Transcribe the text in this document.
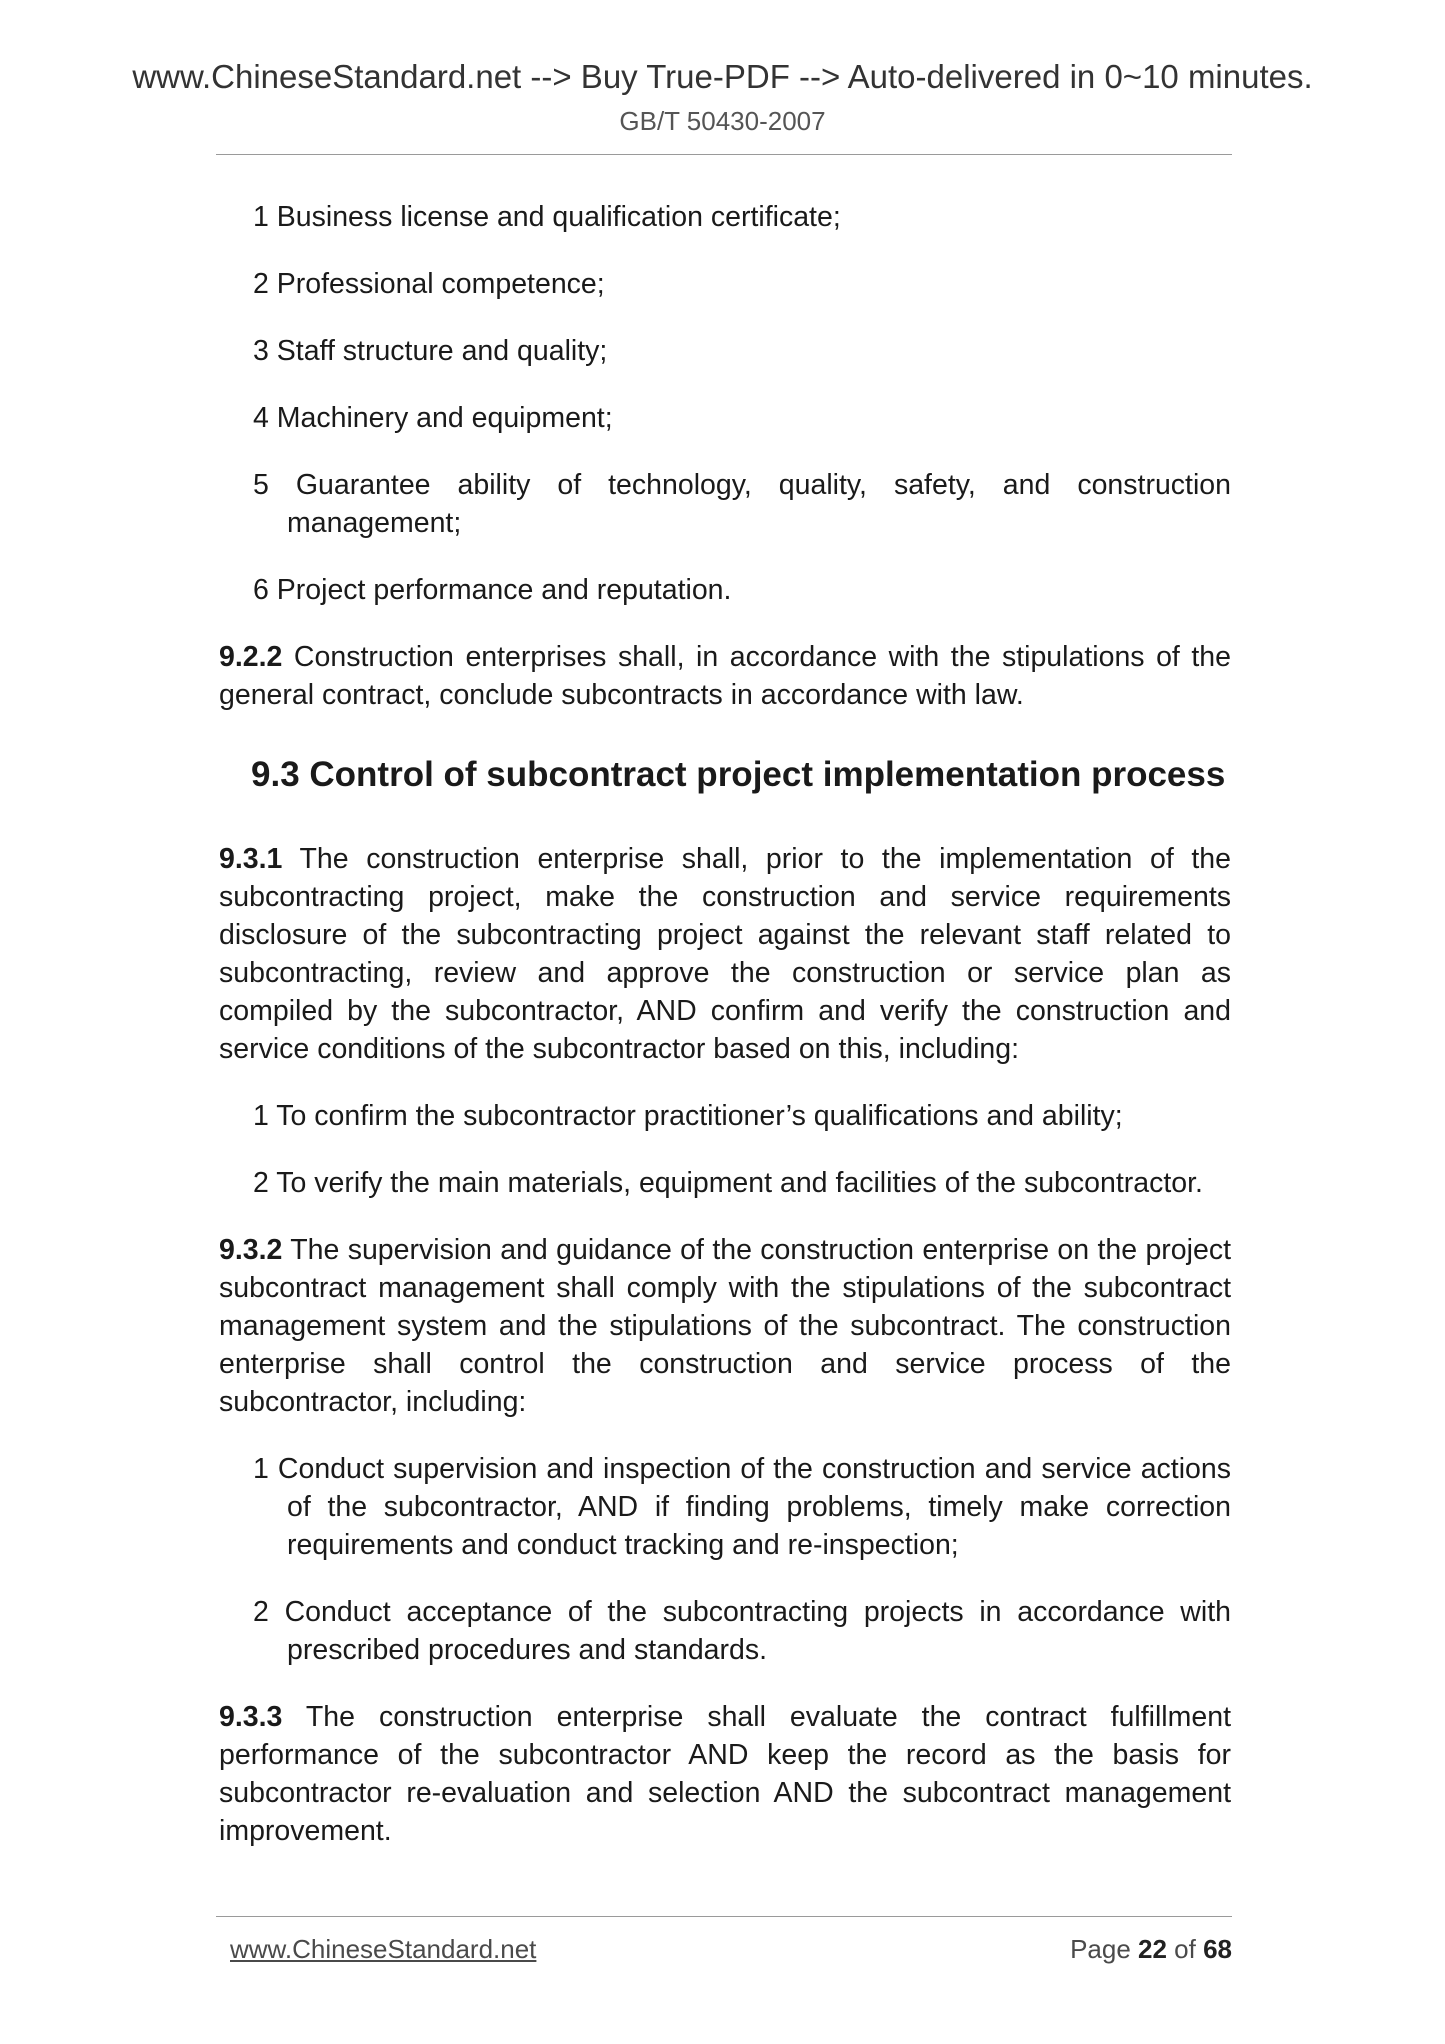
www.ChineseStandard.net --> Buy True-PDF --> Auto-delivered in 0~10 minutes.
GB/T 50430-2007

1 Business license and qualification certificate;

2 Professional competence;

3 Staff structure and quality;

4 Machinery and equipment;

5 Guarantee ability of technology, quality, safety, and construction management;

6 Project performance and reputation.

9.2.2 Construction enterprises shall, in accordance with the stipulations of the general contract, conclude subcontracts in accordance with law.

9.3 Control of subcontract project implementation process

9.3.1 The construction enterprise shall, prior to the implementation of the subcontracting project, make the construction and service requirements disclosure of the subcontracting project against the relevant staff related to subcontracting, review and approve the construction or service plan as compiled by the subcontractor, AND confirm and verify the construction and service conditions of the subcontractor based on this, including:

1 To confirm the subcontractor practitioner’s qualifications and ability;

2 To verify the main materials, equipment and facilities of the subcontractor.

9.3.2 The supervision and guidance of the construction enterprise on the project subcontract management shall comply with the stipulations of the subcontract management system and the stipulations of the subcontract. The construction enterprise shall control the construction and service process of the subcontractor, including:

1 Conduct supervision and inspection of the construction and service actions of the subcontractor, AND if finding problems, timely make correction requirements and conduct tracking and re-inspection;

2 Conduct acceptance of the subcontracting projects in accordance with prescribed procedures and standards.

9.3.3 The construction enterprise shall evaluate the contract fulfillment performance of the subcontractor AND keep the record as the basis for subcontractor re-evaluation and selection AND the subcontract management improvement.

www.ChineseStandard.net	Page 22 of 68
